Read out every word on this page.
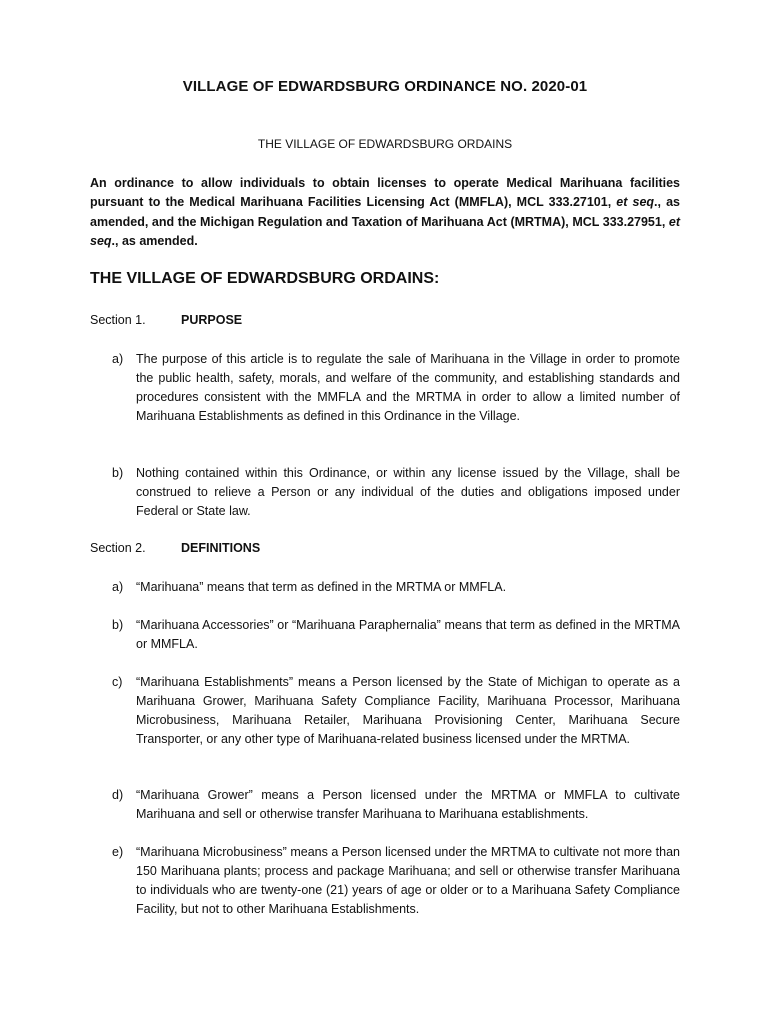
VILLAGE OF EDWARDSBURG ORDINANCE NO. 2020-01
THE VILLAGE OF EDWARDSBURG ORDAINS
An ordinance to allow individuals to obtain licenses to operate Medical Marihuana facilities pursuant to the Medical Marihuana Facilities Licensing Act (MMFLA), MCL 333.27101, et seq., as amended, and the Michigan Regulation and Taxation of Marihuana Act (MRTMA), MCL 333.27951, et seq., as amended.
THE VILLAGE OF EDWARDSBURG ORDAINS:
Section 1.	PURPOSE
a)	The purpose of this article is to regulate the sale of Marihuana in the Village in order to promote the public health, safety, morals, and welfare of the community, and establishing standards and procedures consistent with the MMFLA and the MRTMA in order to allow a limited number of Marihuana Establishments as defined in this Ordinance in the Village.
b)	Nothing contained within this Ordinance, or within any license issued by the Village, shall be construed to relieve a Person or any individual of the duties and obligations imposed under Federal or State law.
Section 2.	DEFINITIONS
a)	“Marihuana” means that term as defined in the MRTMA or MMFLA.
b)	“Marihuana Accessories” or “Marihuana Paraphernalia” means that term as defined in the MRTMA or MMFLA.
c)	“Marihuana Establishments” means a Person licensed by the State of Michigan to operate as a Marihuana Grower, Marihuana Safety Compliance Facility, Marihuana Processor, Marihuana Microbusiness, Marihuana Retailer, Marihuana Provisioning Center, Marihuana Secure Transporter, or any other type of Marihuana-related business licensed under the MRTMA.
d)	“Marihuana Grower” means a Person licensed under the MRTMA or MMFLA to cultivate Marihuana and sell or otherwise transfer Marihuana to Marihuana establishments.
e)	“Marihuana Microbusiness” means a Person licensed under the MRTMA to cultivate not more than 150 Marihuana plants; process and package Marihuana; and sell or otherwise transfer Marihuana to individuals who are twenty-one (21) years of age or older or to a Marihuana Safety Compliance Facility, but not to other Marihuana Establishments.
